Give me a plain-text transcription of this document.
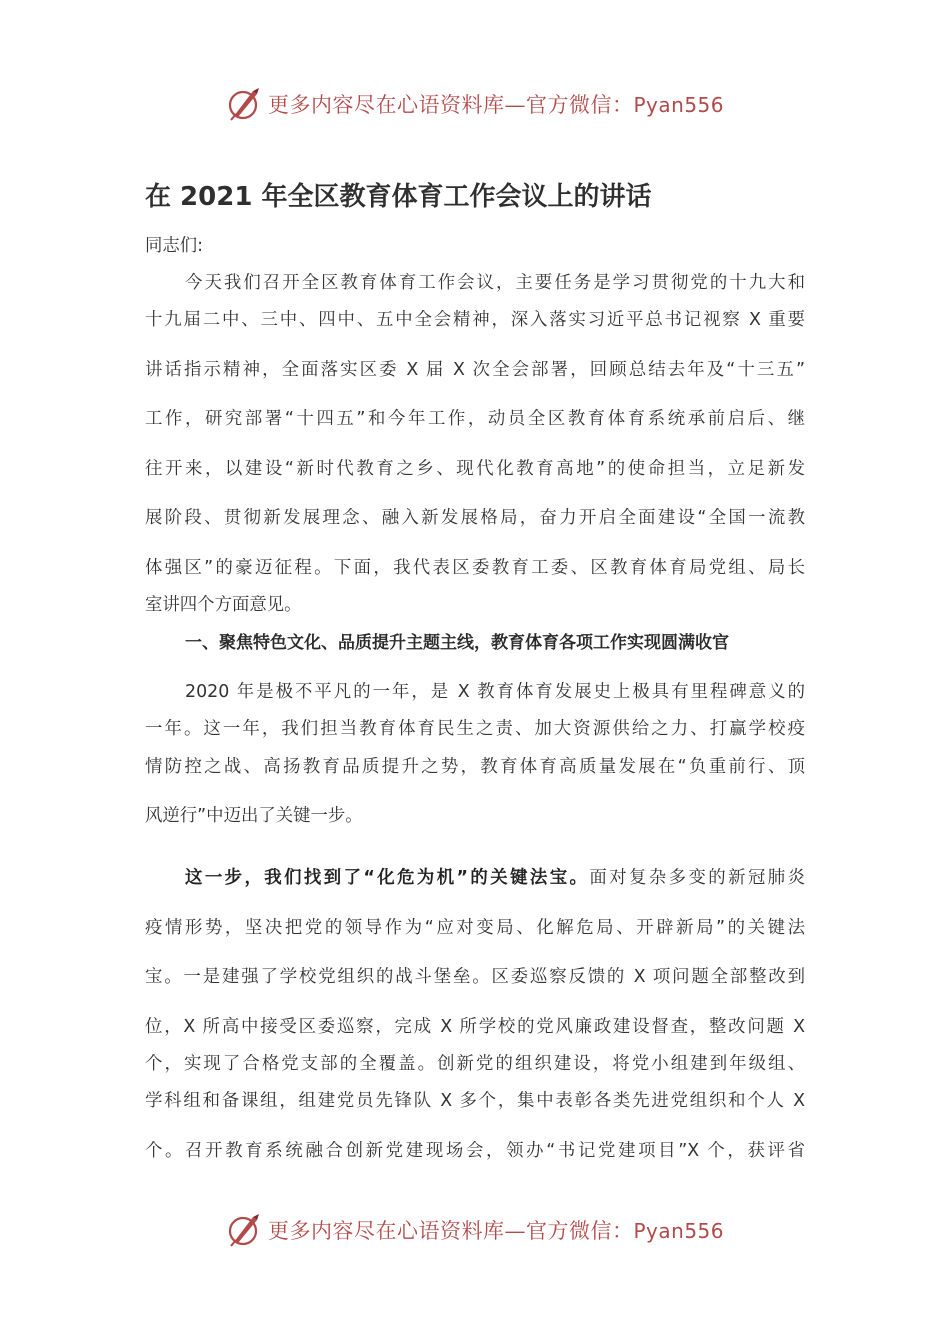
更多内容尽在心语资料库—官方微信：Pyan556
在 2021 年全区教育体育工作会议上的讲话
同志们:
今天我们召开全区教育体育工作会议，主要任务是学习贯彻党的十九大和
十九届二中、三中、四中、五中全会精神，深入落实习近平总书记视察 X 重要
讲话指示精神，全面落实区委 X 届 X 次全会部署，回顾总结去年及“十三五”
工作，研究部署“十四五”和今年工作，动员全区教育体育系统承前启后、继
往开来，以建设“新时代教育之乡、现代化教育高地”的使命担当，立足新发
展阶段、贯彻新发展理念、融入新发展格局，奋力开启全面建设“全国一流教
体强区”的豪迈征程。下面，我代表区委教育工委、区教育体育局党组、局长
室讲四个方面意见。
一、聚焦特色文化、品质提升主题主线，教育体育各项工作实现圆满收官
2020 年是极不平凡的一年，是 X 教育体育发展史上极具有里程碑意义的
一年。这一年，我们担当教育体育民生之责、加大资源供给之力、打赢学校疫
情防控之战、高扬教育品质提升之势，教育体育高质量发展在“负重前行、顶
风逆行”中迈出了关键一步。
这一步，我们找到了“化危为机”的关键法宝。面对复杂多变的新冠肺炎
疫情形势，坚决把党的领导作为“应对变局、化解危局、开辟新局”的关键法
宝。一是建强了学校党组织的战斗堡垒。区委巡察反馈的 X 项问题全部整改到
位，X 所高中接受区委巡察，完成 X 所学校的党风廉政建设督查，整改问题 X
个，实现了合格党支部的全覆盖。创新党的组织建设，将党小组建到年级组、
学科组和备课组，组建党员先锋队 X 多个，集中表彰各类先进党组织和个人 X
个。召开教育系统融合创新党建现场会，领办“书记党建项目”X 个，获评省
更多内容尽在心语资料库—官方微信：Pyan556
